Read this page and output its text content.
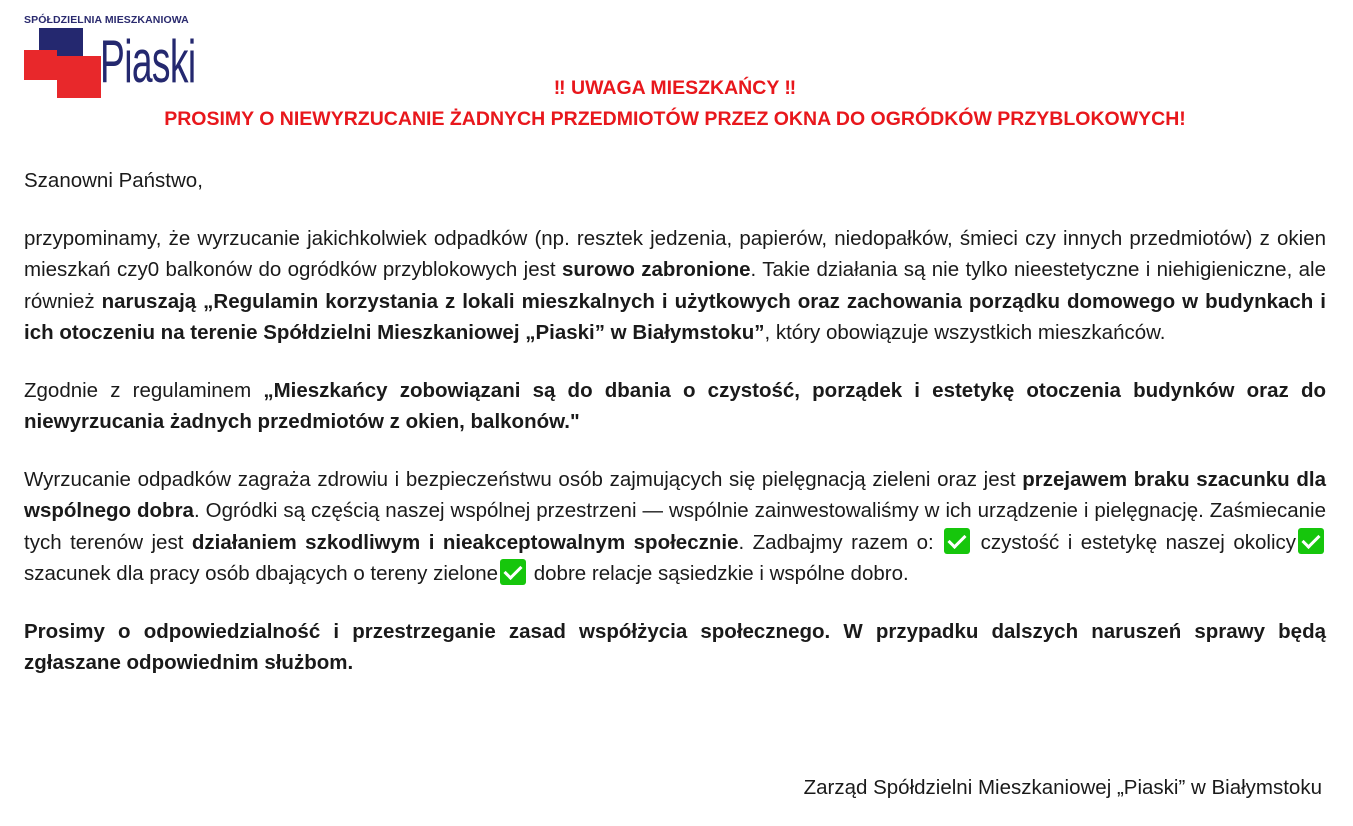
SPÓŁDZIELNIA MIESZKANIOWA
Piaski	‼ UWAGA MIESZKAŃCY ‼
PROSIMY O NIEWYRZUCANIE ŻADNYCH PRZEDMIOTÓW PRZEZ OKNA DO OGRÓDKÓW PRZYBLOKOWYCH!

Szanowni Państwo,

przypominamy, że wyrzucanie jakichkolwiek odpadków (np. resztek jedzenia, papierów, niedopałków, śmieci czy innych przedmiotów) z okien mieszkań czy0 balkonów do ogródków przyblokowych jest surowo zabronione. Takie działania są nie tylko nieestetyczne i niehigieniczne, ale również naruszają „Regulamin korzystania z lokali mieszkalnych i użytkowych oraz zachowania porządku domowego w budynkach i ich otoczeniu na terenie Spółdzielni Mieszkaniowej „Piaski” w Białymstoku”, który obowiązuje wszystkich mieszkańców.

Zgodnie z regulaminem „Mieszkańcy zobowiązani są do dbania o czystość, porządek i estetykę otoczenia budynków oraz do niewyrzucania żadnych przedmiotów z okien, balkonów."

Wyrzucanie odpadków zagraża zdrowiu i bezpieczeństwu osób zajmujących się pielęgnacją zieleni oraz jest przejawem braku szacunku dla wspólnego dobra. Ogródki są częścią naszej wspólnej przestrzeni — wspólnie zainwestowaliśmy w ich urządzenie i pielęgnację. Zaśmiecanie tych terenów jest działaniem szkodliwym i nieakceptowalnym społecznie. Zadbajmy razem o:  czystość i estetykę naszej okolicy szacunek dla pracy osób dbających o tereny zielone dobre relacje sąsiedzkie i wspólne dobro.

Prosimy o odpowiedzialność i przestrzeganie zasad współżycia społecznego. W przypadku dalszych naruszeń sprawy będą zgłaszane odpowiednim służbom.

Zarząd Spółdzielni Mieszkaniowej „Piaski” w Białymstoku
